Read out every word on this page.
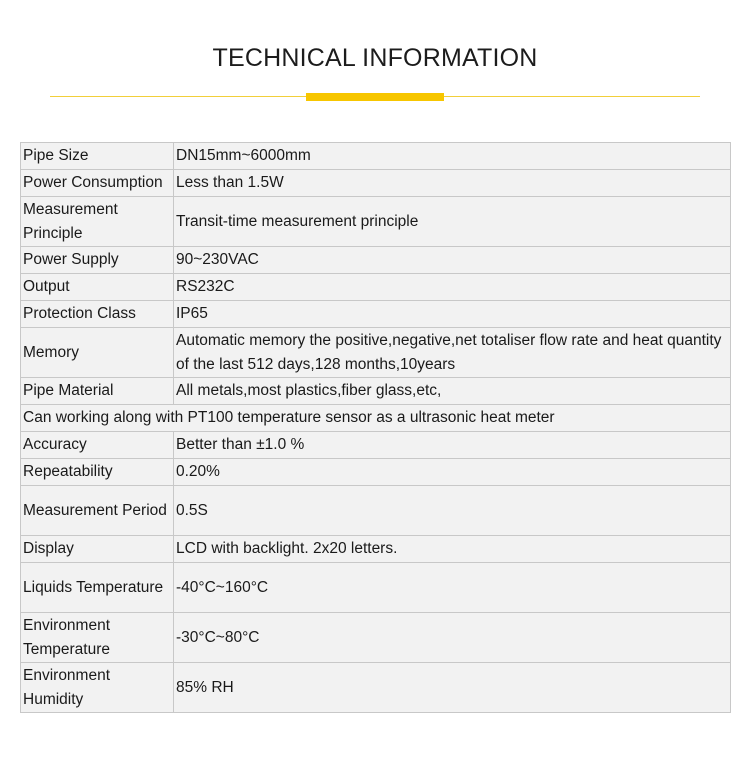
TECHNICAL INFORMATION
Pipe Size	DN15mm~6000mm
Power Consumption	Less than 1.5W
Measurement Principle	Transit-time measurement principle
Power Supply	90~230VAC
Output	RS232C
Protection Class	IP65
Memory	Automatic memory the positive,negative,net totaliser flow rate and heat quantity of the last 512 days,128 months,10years
Pipe Material	All metals,most plastics,fiber glass,etc,
Can working along with PT100 temperature sensor as a ultrasonic heat meter	
Accuracy	Better than ±1.0 %
Repeatability	0.20%
Measurement Period	0.5S
Display	LCD with backlight. 2x20 letters.
Liquids Temperature	-40°C~160°C
Environment Temperature	-30°C~80°C
Environment Humidity	85% RH
